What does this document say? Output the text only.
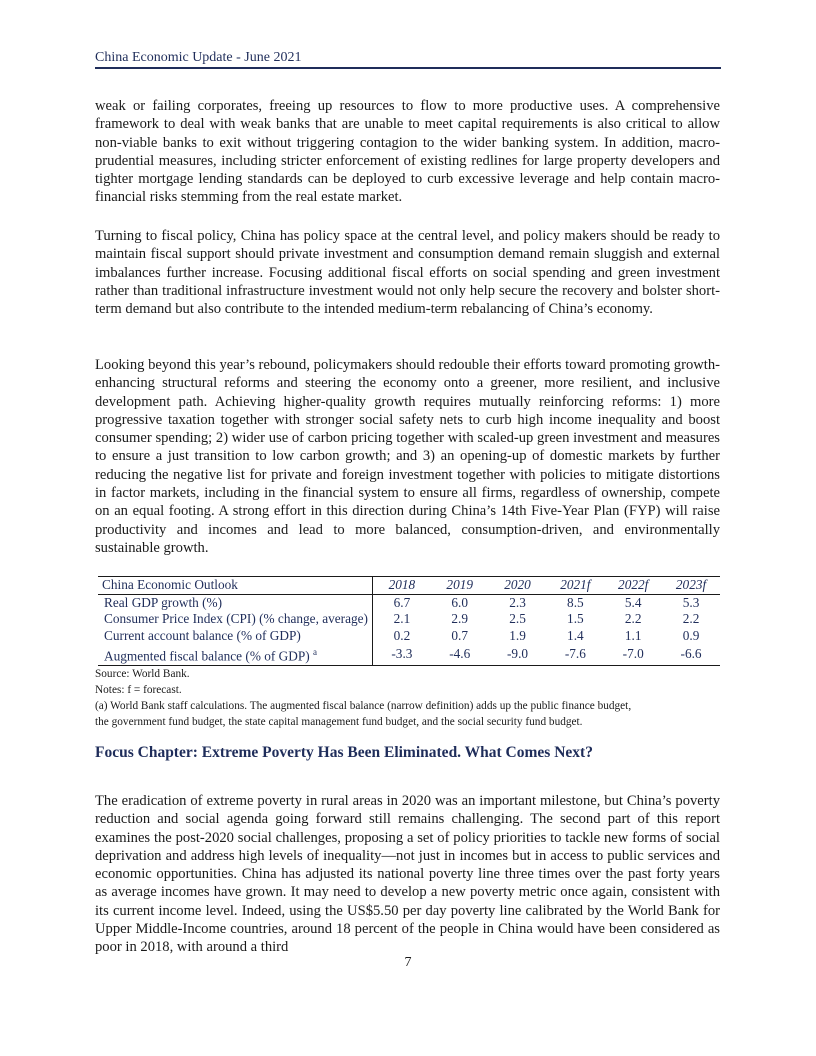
China Economic Update - June 2021

weak or failing corporates, freeing up resources to flow to more productive uses. A comprehensive framework to deal with weak banks that are unable to meet capital requirements is also critical to allow non-viable banks to exit without triggering contagion to the wider banking system. In addition, macro-prudential measures, including stricter enforcement of existing redlines for large property developers and tighter mortgage lending standards can be deployed to curb excessive leverage and help contain macro-financial risks stemming from the real estate market.

Turning to fiscal policy, China has policy space at the central level, and policy makers should be ready to maintain fiscal support should private investment and consumption demand remain sluggish and external imbalances further increase. Focusing additional fiscal efforts on social spending and green investment rather than traditional infrastructure investment would not only help secure the recovery and bolster short-term demand but also contribute to the intended medium-term rebalancing of China’s economy.

Looking beyond this year’s rebound, policymakers should redouble their efforts toward promoting growth-enhancing structural reforms and steering the economy onto a greener, more resilient, and inclusive development path. Achieving higher-quality growth requires mutually reinforcing reforms: 1) more progressive taxation together with stronger social safety nets to curb high income inequality and boost consumer spending; 2) wider use of carbon pricing together with scaled-up green investment and measures to ensure a just transition to low carbon growth; and 3) an opening-up of domestic markets by further reducing the negative list for private and foreign investment together with policies to mitigate distortions in factor markets, including in the financial system to ensure all firms, regardless of ownership, compete on an equal footing. A strong effort in this direction during China’s 14th Five-Year Plan (FYP) will raise productivity and incomes and lead to more balanced, consumption-driven, and environmentally sustainable growth.

China Economic Outlook	2018	2019	2020	2021f	2022f	2023f
Real GDP growth (%)	6.7	6.0	2.3	8.5	5.4	5.3
Consumer Price Index (CPI) (% change, average)	2.1	2.9	2.5	1.5	2.2	2.2
Current account balance (% of GDP)	0.2	0.7	1.9	1.4	1.1	0.9
Augmented fiscal balance (% of GDP) $^a$	-3.3	-4.6	-9.0	-7.6	-7.0	-6.6
Source: World Bank.
Notes: f = forecast.
(a) World Bank staff calculations. The augmented fiscal balance (narrow definition) adds up the public finance budget,
the government fund budget, the state capital management fund budget, and the social security fund budget.
Focus Chapter: Extreme Poverty Has Been Eliminated. What Comes Next?

The eradication of extreme poverty in rural areas in 2020 was an important milestone, but China’s poverty reduction and social agenda going forward still remains challenging. The second part of this report examines the post-2020 social challenges, proposing a set of policy priorities to tackle new forms of social deprivation and address high levels of inequality—not just in incomes but in access to public services and economic opportunities. China has adjusted its national poverty line three times over the past forty years as average incomes have grown. It may need to develop a new poverty metric once again, consistent with its current income level. Indeed, using the US$5.50 per day poverty line calibrated by the World Bank for Upper Middle-Income countries, around 18 percent of the people in China would have been considered as poor in 2018, with around a third

7
